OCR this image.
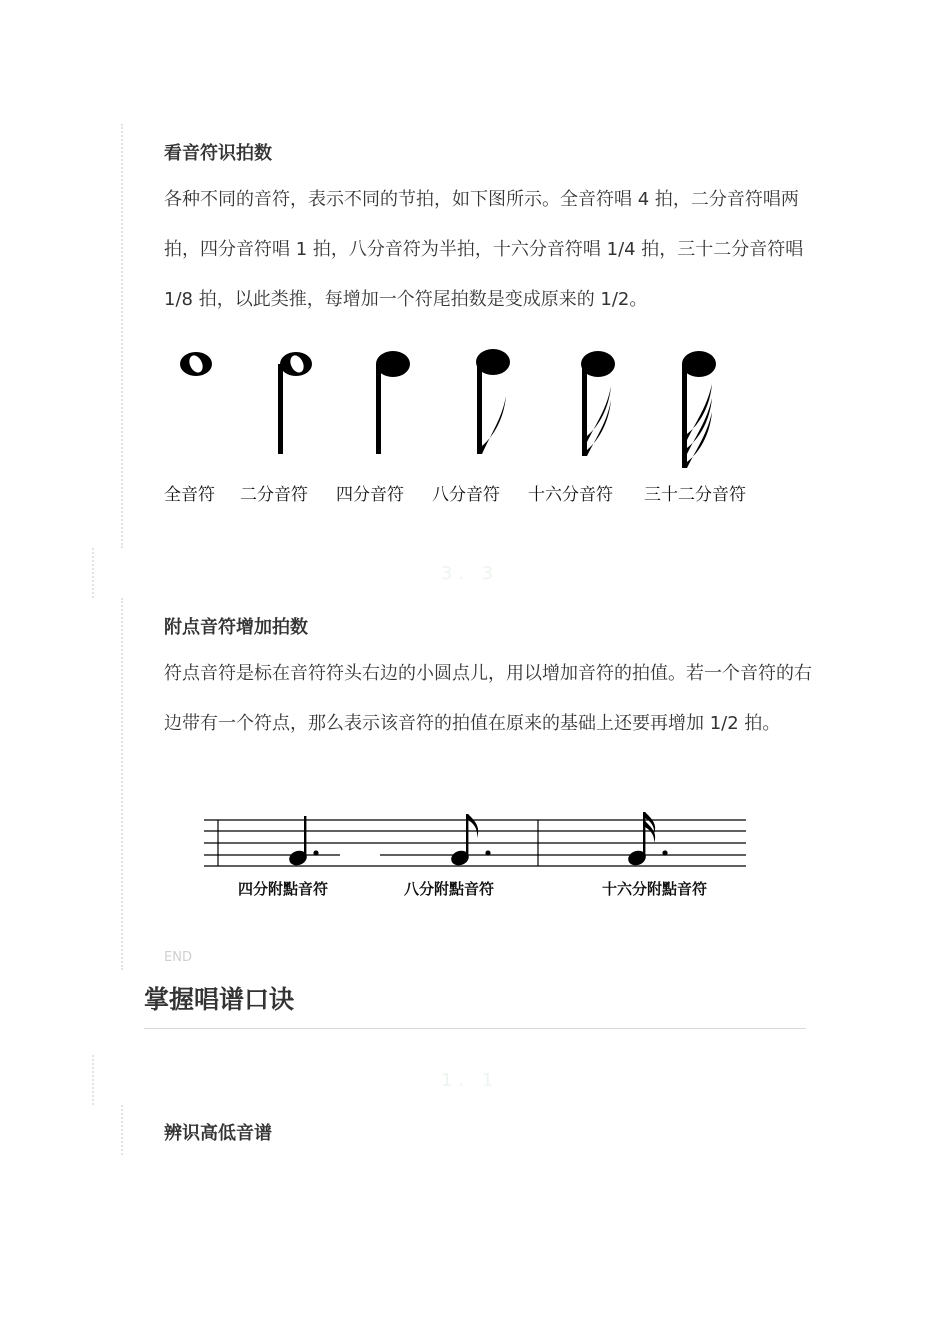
看音符识拍数

各种不同的音符，表示不同的节拍，如下图所示。全音符唱 4 拍，二分音符唱两拍，四分音符唱 1 拍，八分音符为半拍，十六分音符唱 1/4 拍，三十二分音符唱 1/8 拍，以此类推，每增加一个符尾拍数是变成原来的 1/2。

全音符 二分音符 四分音符 八分音符 十六分音符 三十二分音符
3. 3
附点音符增加拍数

符点音符是标在音符符头右边的小圆点儿，用以增加音符的拍值。若一个音符的右边带有一个符点，那么表示该音符的拍值在原来的基础上还要再增加 1/2 拍。

四分附點音符	八分附點音符	十六分附點音符
END
掌握唱谱口诀
1. 1
辨识高低音谱
